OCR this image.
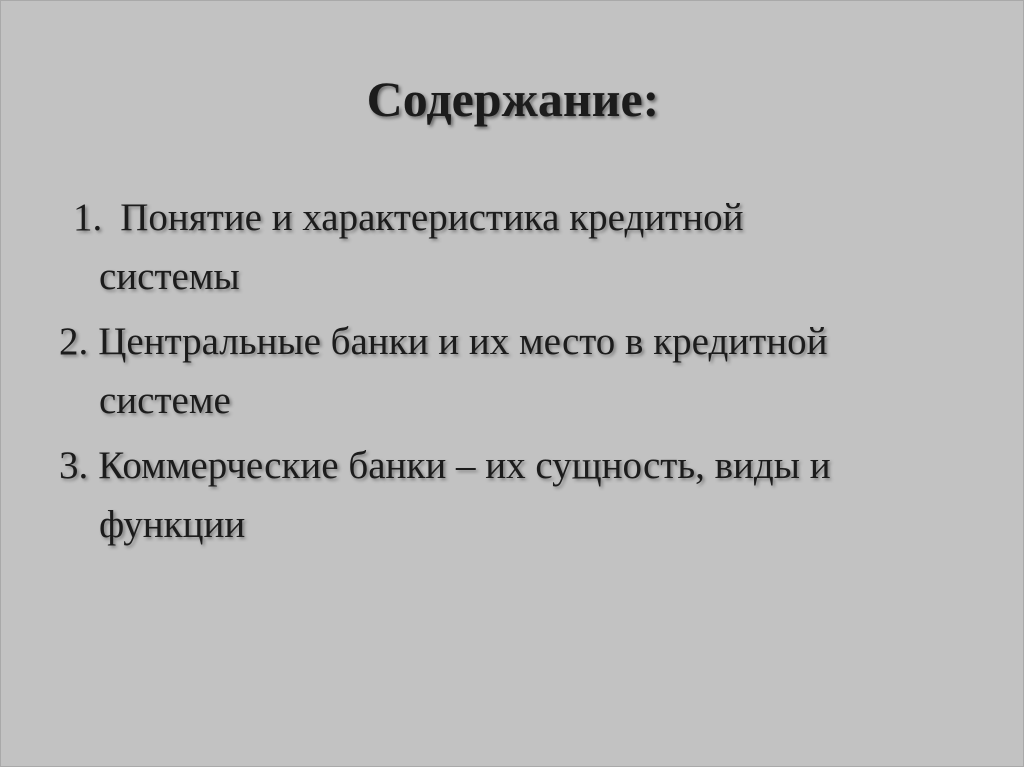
Содержание:
1. Понятие и характеристика кредитной
системы
2. Центральные банки и их место в кредитной
системе
3. Коммерческие банки – их сущность, виды и
функции
